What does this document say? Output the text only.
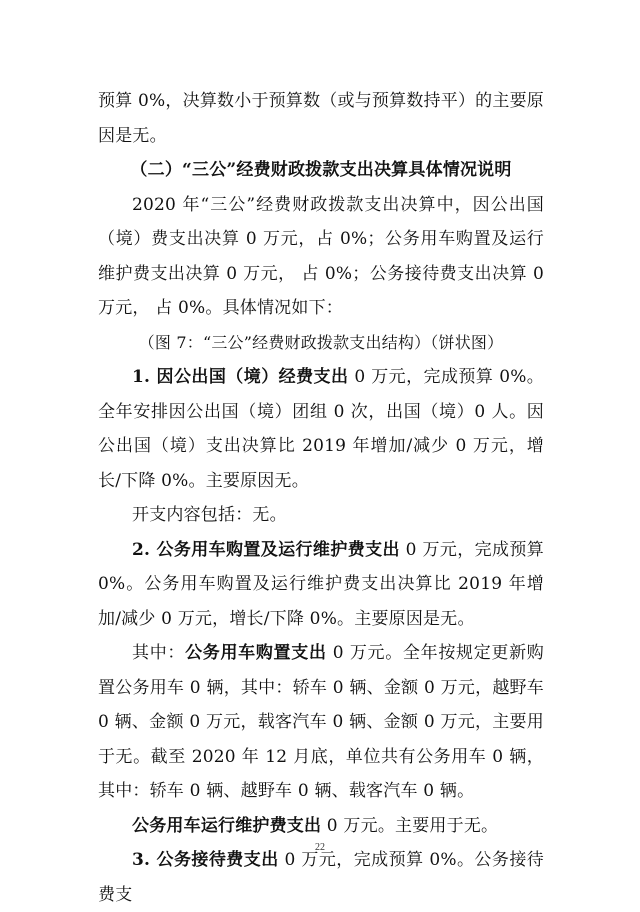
预算 0%，决算数小于预算数（或与预算数持平）的主要原因是无。

（二）“三公”经费财政拨款支出决算具体情况说明

2020 年“三公”经费财政拨款支出决算中，因公出国（境）费支出决算 0 万元，占 0%；公务用车购置及运行维护费支出决算 0 万元， 占 0%；公务接待费支出决算 0 万元， 占 0%。具体情况如下：

（图 7：“三公”经费财政拨款支出结构）（饼状图）

1. 因公出国（境）经费支出 0 万元，完成预算 0%。全年安排因公出国（境）团组 0 次，出国（境）0 人。因公出国（境）支出决算比 2019 年增加/减少 0 万元，增长/下降 0%。主要原因无。

开支内容包括：无。

2. 公务用车购置及运行维护费支出 0 万元，完成预算 0%。公务用车购置及运行维护费支出决算比 2019 年增加/减少 0 万元，增长/下降 0%。主要原因是无。

其中：公务用车购置支出 0 万元。全年按规定更新购置公务用车 0 辆，其中：轿车 0 辆、金额 0 万元，越野车 0 辆、金额 0 万元，载客汽车 0 辆、金额 0 万元，主要用于无。截至 2020 年 12 月底，单位共有公务用车 0 辆，其中：轿车 0 辆、越野车 0 辆、载客汽车 0 辆。

公务用车运行维护费支出 0 万元。主要用于无。

3. 公务接待费支出 0 万元，完成预算 0%。公务接待费支

22
